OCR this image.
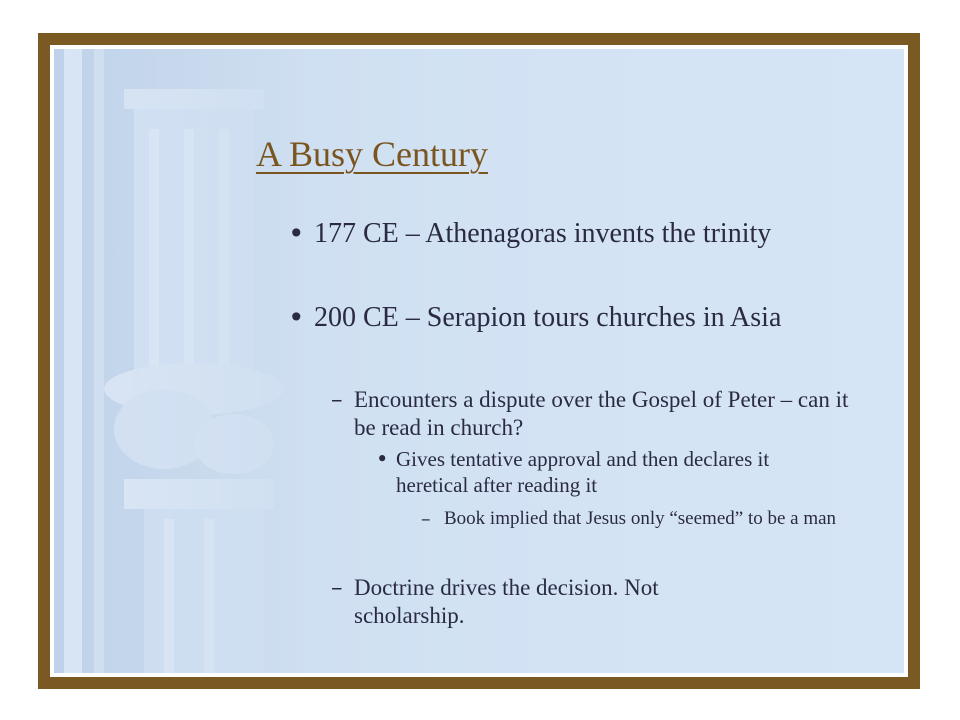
A Busy Century
• 177 CE – Athenagoras invents the trinity
• 200 CE – Serapion tours churches in Asia
– Encounters a dispute over the Gospel of Peter – can it be read in church?
• Gives tentative approval and then declares it heretical after reading it
– Book implied that Jesus only “seemed” to be a man
– Doctrine drives the decision. Not scholarship.
